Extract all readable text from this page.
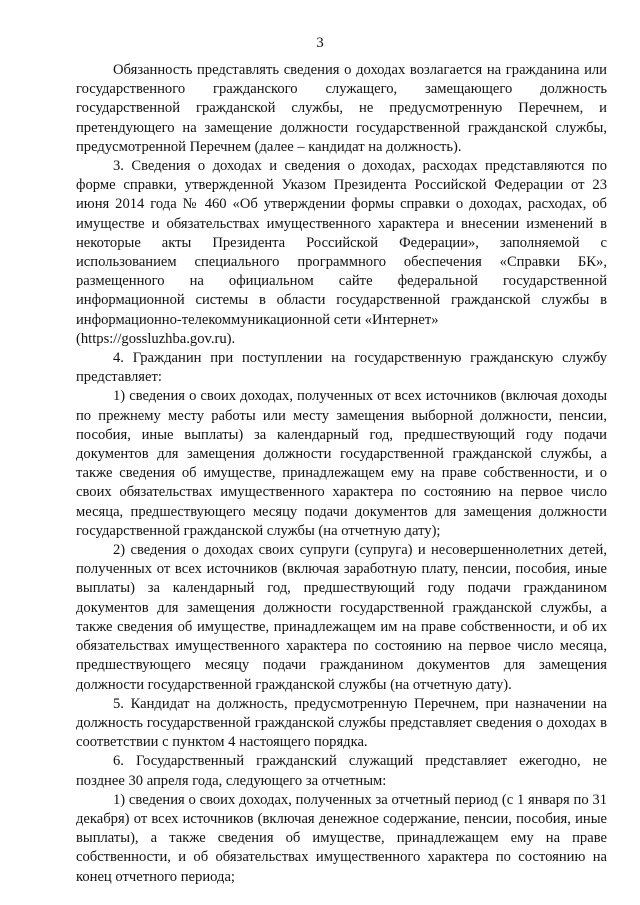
3

Обязанность представлять сведения о доходах возлагается на гражданина или государственного гражданского служащего, замещающего должность государственной гражданской службы, не предусмотренную Перечнем, и претендующего на замещение должности государственной гражданской службы, предусмотренной Перечнем (далее – кандидат на должность).

3. Сведения о доходах и сведения о доходах, расходах представляются по форме справки, утвержденной Указом Президента Российской Федерации от 23 июня 2014 года № 460 «Об утверждении формы справки о доходах, расходах, об имуществе и обязательствах имущественного характера и внесении изменений в некоторые акты Президента Российской Федерации», заполняемой с использованием специального программного обеспечения «Справки БК», размещенного на официальном сайте федеральной государственной информационной системы в области государственной гражданской службы в информационно-телекоммуникационной сети «Интернет»

(https://gossluzhba.gov.ru).

4. Гражданин при поступлении на государственную гражданскую службу представляет:

1) сведения о своих доходах, полученных от всех источников (включая доходы по прежнему месту работы или месту замещения выборной должности, пенсии, пособия, иные выплаты) за календарный год, предшествующий году подачи документов для замещения должности государственной гражданской службы, а также сведения об имуществе, принадлежащем ему на праве собственности, и о своих обязательствах имущественного характера по состоянию на первое число месяца, предшествующего месяцу подачи документов для замещения должности государственной гражданской службы (на отчетную дату);

2) сведения о доходах своих супруги (супруга) и несовершеннолетних детей, полученных от всех источников (включая заработную плату, пенсии, пособия, иные выплаты) за календарный год, предшествующий году подачи гражданином документов для замещения должности государственной гражданской службы, а также сведения об имуществе, принадлежащем им на праве собственности, и об их обязательствах имущественного характера по состоянию на первое число месяца, предшествующего месяцу подачи гражданином документов для замещения должности государственной гражданской службы (на отчетную дату).

5. Кандидат на должность, предусмотренную Перечнем, при назначении на должность государственной гражданской службы представляет сведения о доходах в соответствии с пунктом 4 настоящего порядка.

6. Государственный гражданский служащий представляет ежегодно, не позднее 30 апреля года, следующего за отчетным:

1) сведения о своих доходах, полученных за отчетный период (с 1 января по 31 декабря) от всех источников (включая денежное содержание, пенсии, пособия, иные выплаты), а также сведения об имуществе, принадлежащем ему на праве собственности, и об обязательствах имущественного характера по состоянию на конец отчетного периода;
